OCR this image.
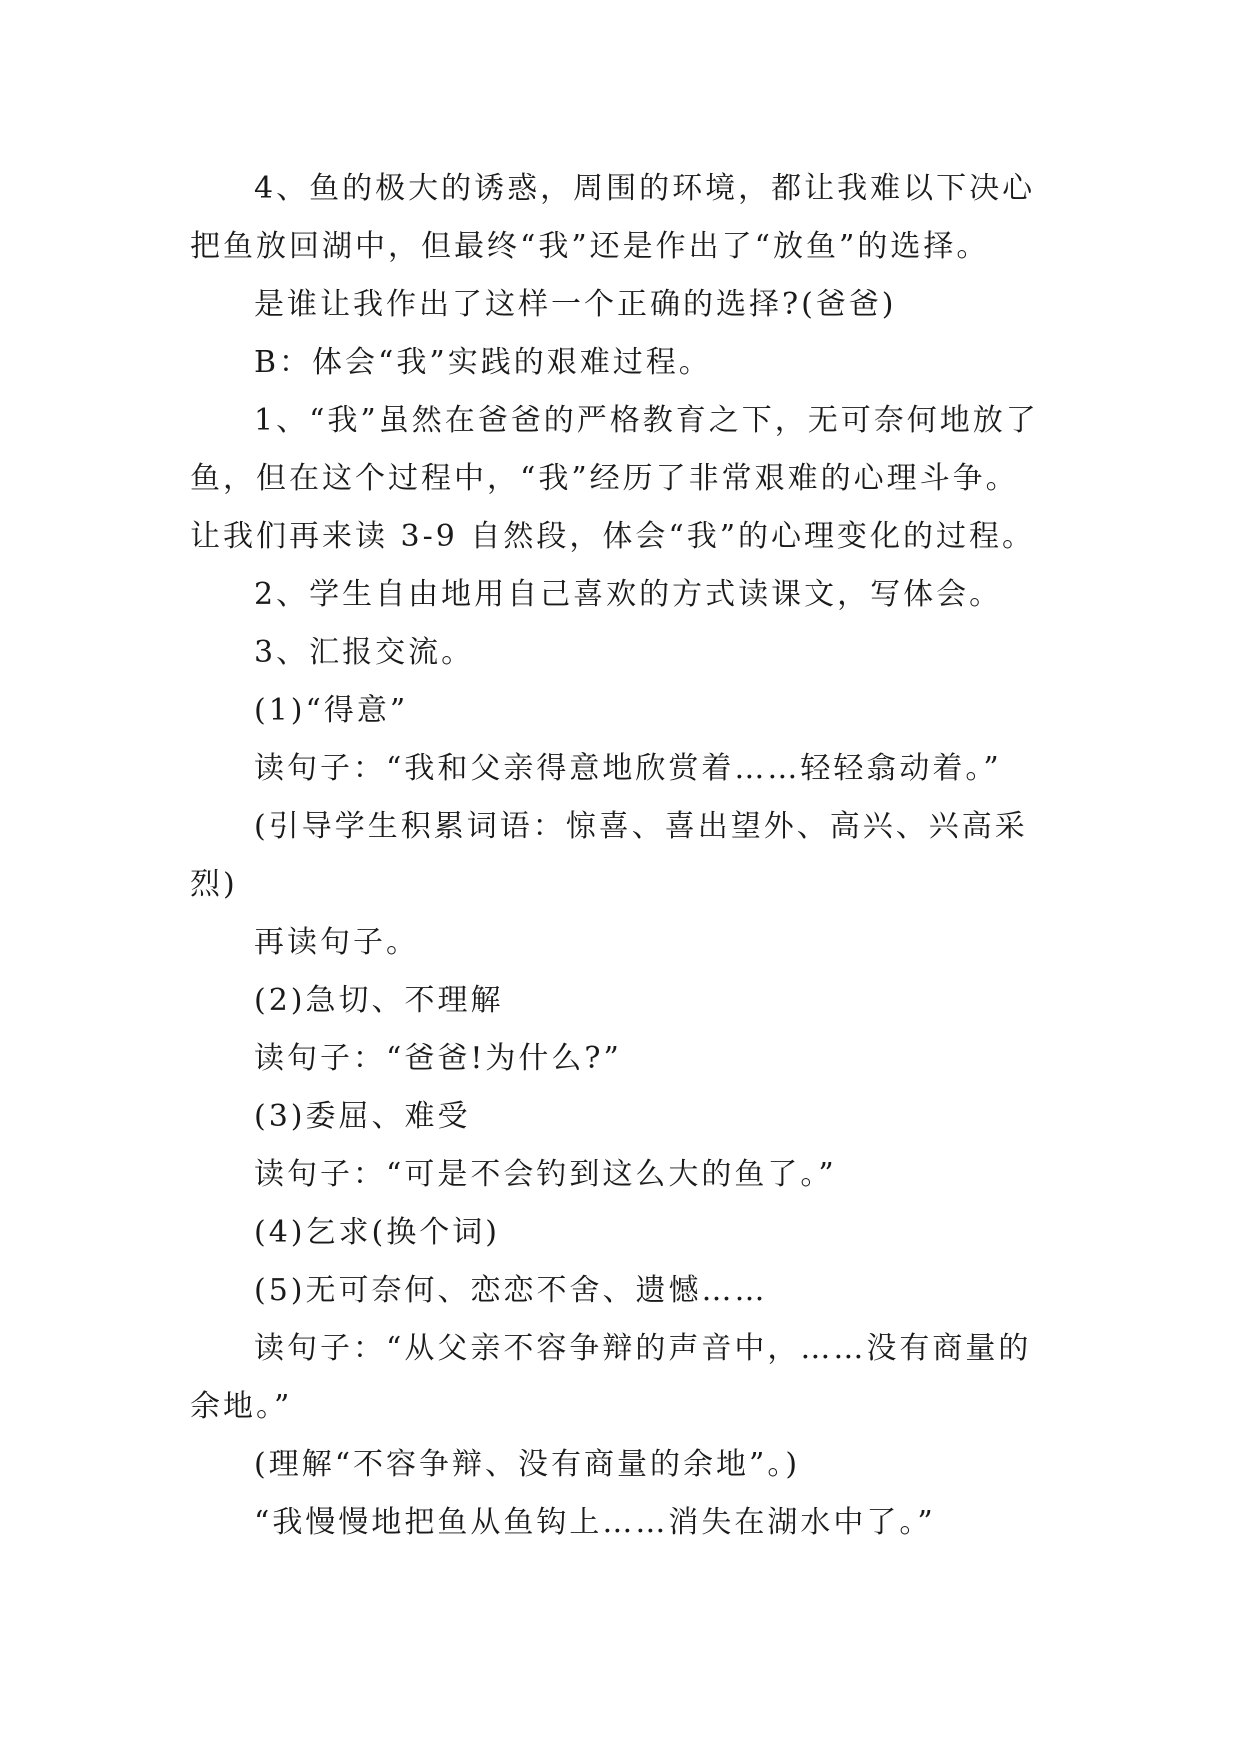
4、鱼的极大的诱惑，周围的环境，都让我难以下决心

把鱼放回湖中，但最终“我”还是作出了“放鱼”的选择。

是谁让我作出了这样一个正确的选择?(爸爸)

B：体会“我”实践的艰难过程。

1、“我”虽然在爸爸的严格教育之下，无可奈何地放了

鱼，但在这个过程中，“我”经历了非常艰难的心理斗争。

让我们再来读 3-9 自然段，体会“我”的心理变化的过程。

2、学生自由地用自己喜欢的方式读课文，写体会。

3、汇报交流。

(1)“得意”

读句子：“我和父亲得意地欣赏着……轻轻翕动着。”

(引导学生积累词语：惊喜、喜出望外、高兴、兴高采

烈)

再读句子。

(2)急切、不理解

读句子：“爸爸!为什么?”

(3)委屈、难受

读句子：“可是不会钓到这么大的鱼了。”

(4)乞求(换个词)

(5)无可奈何、恋恋不舍、遗憾……

读句子：“从父亲不容争辩的声音中，……没有商量的

余地。”

(理解“不容争辩、没有商量的余地”。)

“我慢慢地把鱼从鱼钩上……消失在湖水中了。”
